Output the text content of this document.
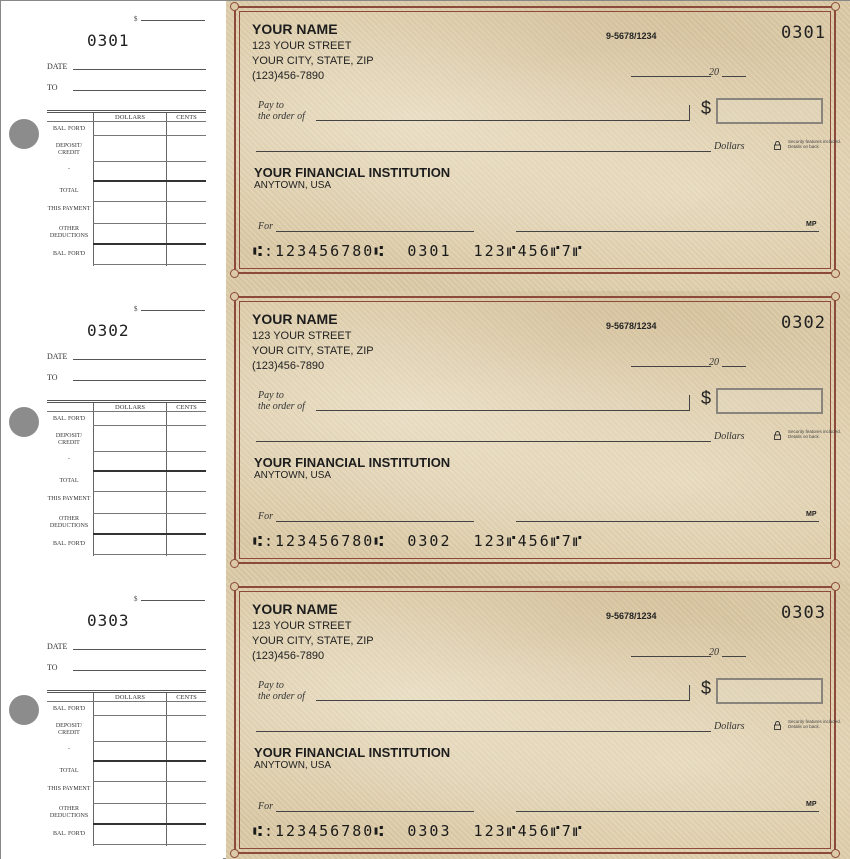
$
0301
DATE
TO
DOLLARS	CENTS
BAL. FOR'D
DEPOSIT/ CREDIT
-
TOTAL
THIS PAYMENT
OTHER DEDUCTIONS
BAL. FOR'D
YOUR NAME
123 YOUR STREET
YOUR CITY, STATE, ZIP
(123)456-7890
9-5678/1234	0301
20
Pay to
the order of	$
Dollars	Security features included. Details on back.
YOUR FINANCIAL INSTITUTION
ANYTOWN, USA
For	MP
⑆:123456780⑆  0301  123⑈456⑈7⑈
$
0302
DATE
TO
DOLLARS	CENTS
BAL. FOR'D
DEPOSIT/ CREDIT
-
TOTAL
THIS PAYMENT
OTHER DEDUCTIONS
BAL. FOR'D
YOUR NAME
123 YOUR STREET
YOUR CITY, STATE, ZIP
(123)456-7890
9-5678/1234	0302
20
Pay to
the order of	$
Dollars	Security features included. Details on back.
YOUR FINANCIAL INSTITUTION
ANYTOWN, USA
For	MP
⑆:123456780⑆  0302  123⑈456⑈7⑈
$
0303
DATE
TO
DOLLARS	CENTS
BAL. FOR'D
DEPOSIT/ CREDIT
-
TOTAL
THIS PAYMENT
OTHER DEDUCTIONS
BAL. FOR'D
YOUR NAME
123 YOUR STREET
YOUR CITY, STATE, ZIP
(123)456-7890
9-5678/1234	0303
20
Pay to
the order of	$
Dollars	Security features included. Details on back.
YOUR FINANCIAL INSTITUTION
ANYTOWN, USA
For	MP
⑆:123456780⑆  0303  123⑈456⑈7⑈
